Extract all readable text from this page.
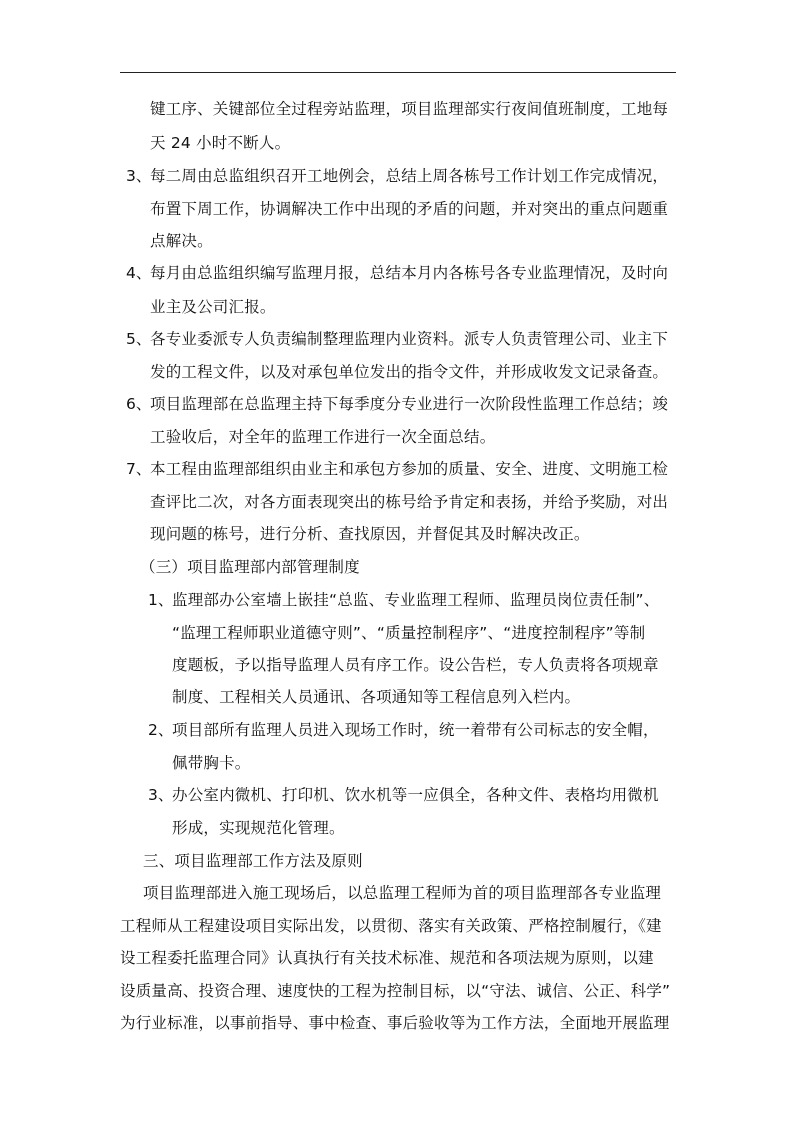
键工序、关键部位全过程旁站监理，项目监理部实行夜间值班制度，工地每
天 24 小时不断人。
3、
每二周由总监组织召开工地例会，总结上周各栋号工作计划工作完成情况，
布置下周工作，协调解决工作中出现的矛盾的问题，并对突出的重点问题重
点解决。
4、
每月由总监组织编写监理月报，总结本月内各栋号各专业监理情况，及时向
业主及公司汇报。
5、
各专业委派专人负责编制整理监理内业资料。派专人负责管理公司、业主下
发的工程文件，以及对承包单位发出的指令文件，并形成收发文记录备查。
6、
项目监理部在总监理主持下每季度分专业进行一次阶段性监理工作总结；竣
工验收后，对全年的监理工作进行一次全面总结。
7、
本工程由监理部组织由业主和承包方参加的质量、安全、进度、文明施工检
查评比二次，对各方面表现突出的栋号给予肯定和表扬，并给予奖励，对出
现问题的栋号，进行分析、查找原因，并督促其及时解决改正。
（三）项目监理部内部管理制度
1、
监理部办公室墙上嵌挂“总监、专业监理工程师、监理员岗位责任制”、
“监理工程师职业道德守则”、“质量控制程序”、“进度控制程序”等制
度题板，予以指导监理人员有序工作。设公告栏，专人负责将各项规章
制度、工程相关人员通讯、各项通知等工程信息列入栏内。
2、
项目部所有监理人员进入现场工作时，统一着带有公司标志的安全帽，
佩带胸卡。
3、
办公室内微机、打印机、饮水机等一应俱全，各种文件、表格均用微机
形成，实现规范化管理。
三、项目监理部工作方法及原则
项目监理部进入施工现场后，以总监理工程师为首的项目监理部各专业监理
工程师从工程建设项目实际出发，以贯彻、落实有关政策、严格控制履行，《建
设工程委托监理合同》认真执行有关技术标准、规范和各项法规为原则，以建
设质量高、投资合理、速度快的工程为控制目标，以“守法、诚信、公正、科学”
为行业标准，以事前指导、事中检查、事后验收等为工作方法，全面地开展监理
